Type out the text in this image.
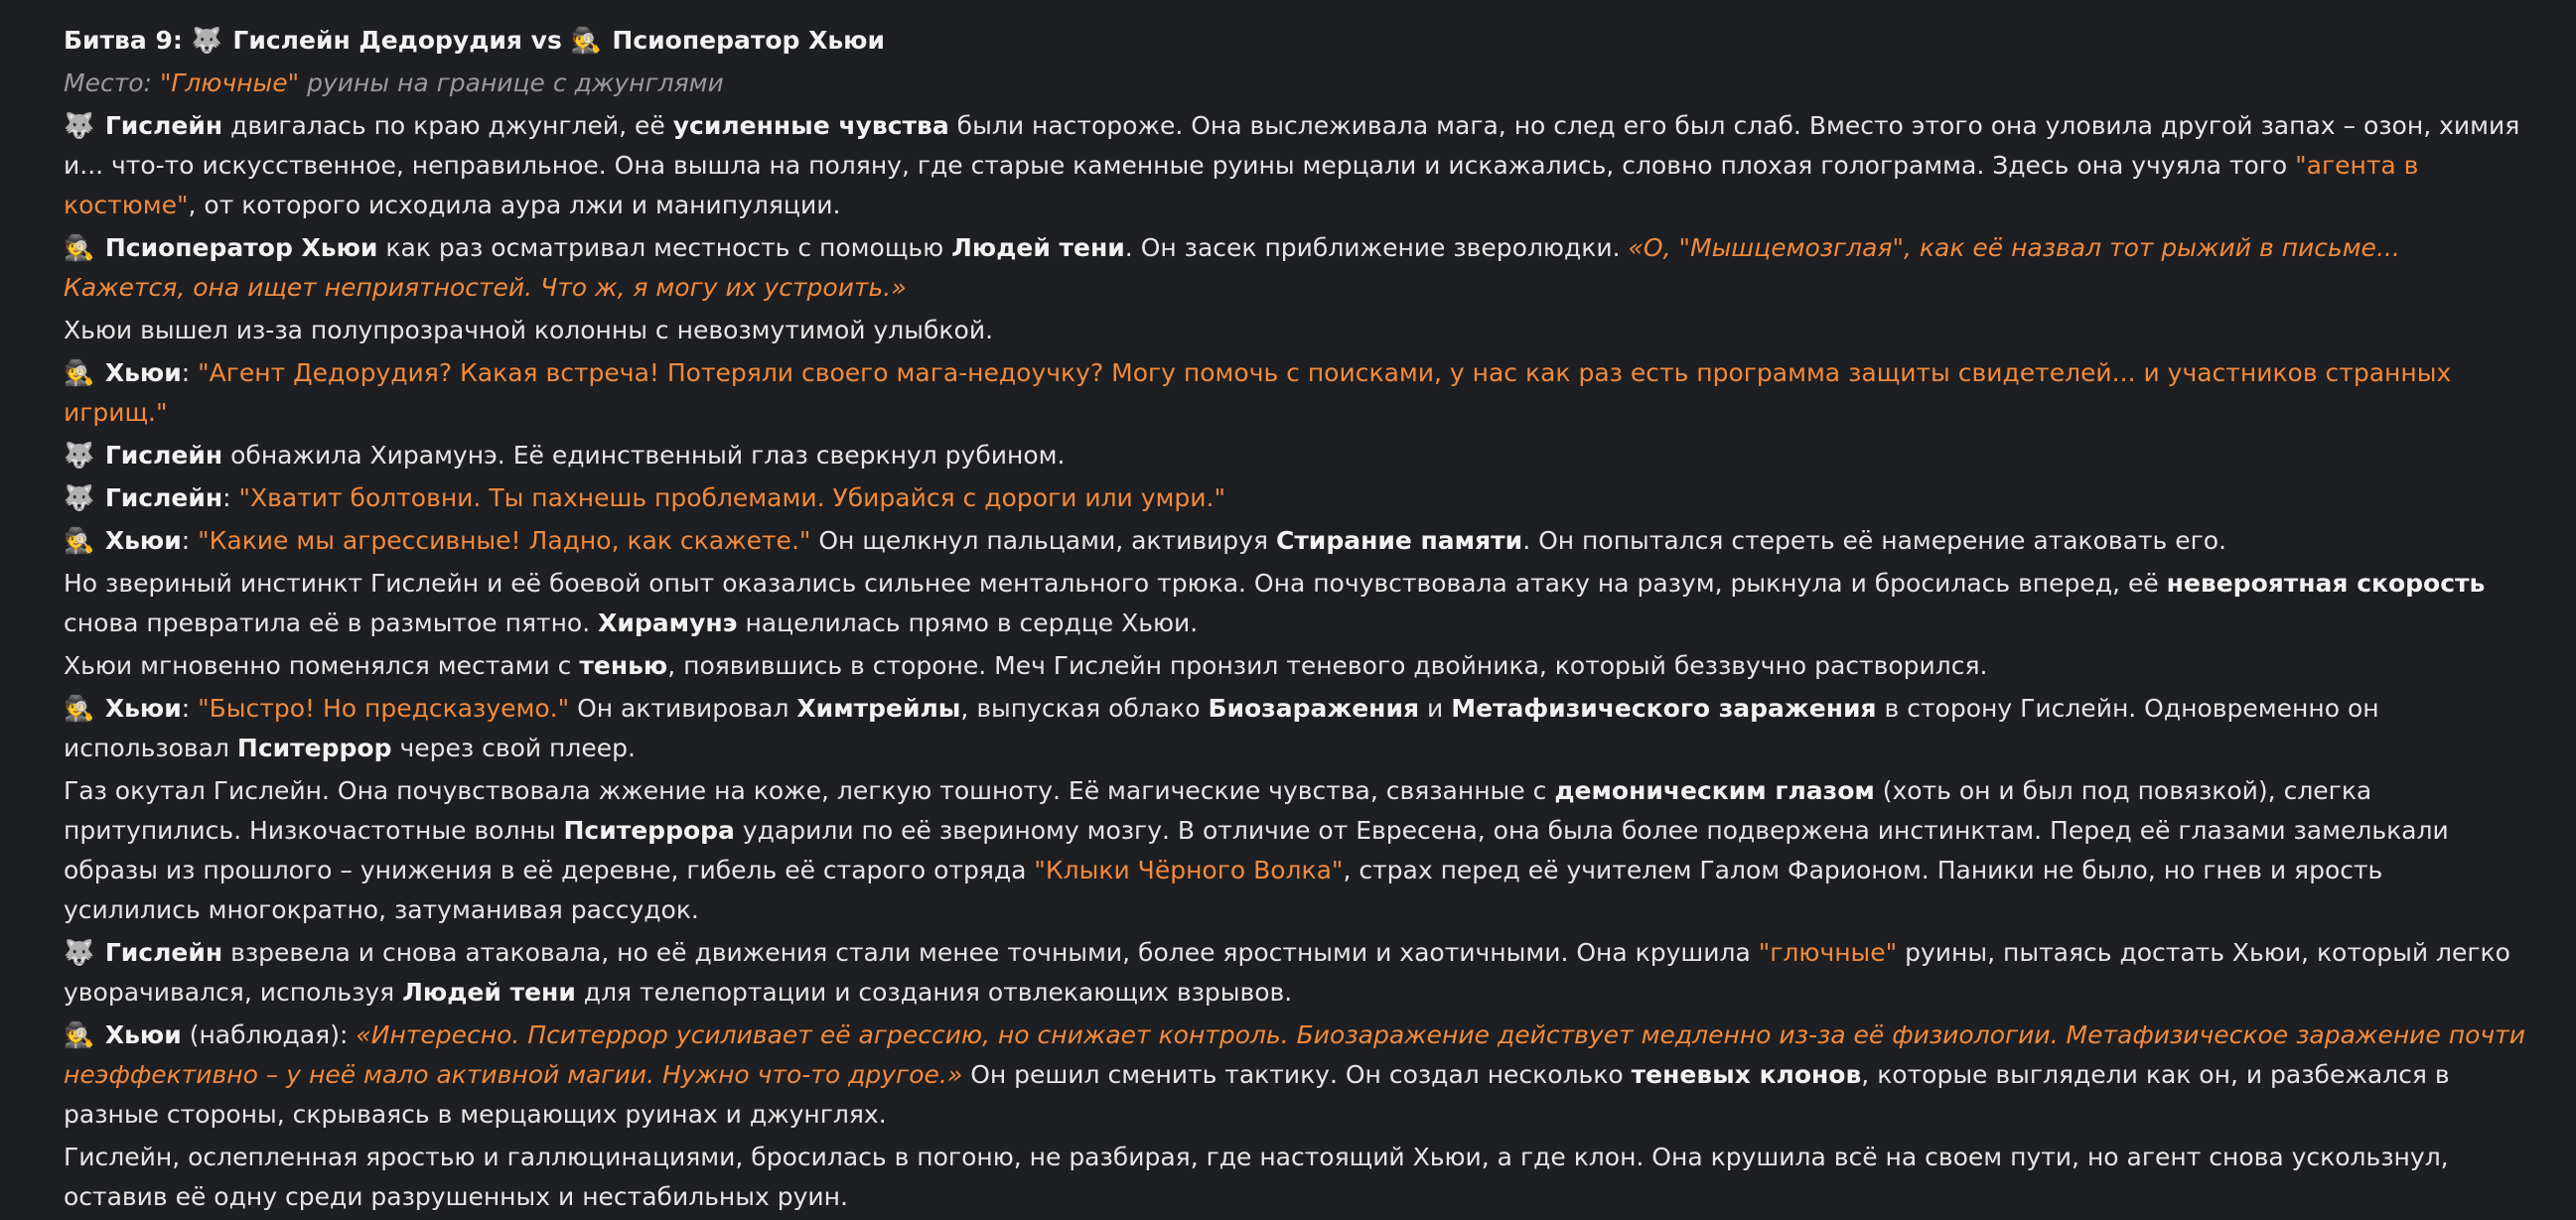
Битва 9: 🐺 Гислейн Дедорудия vs 🕵️ Псиоператор Хьюи
Место: "Глючные" руины на границе с джунглями
🐺 Гислейн двигалась по краю джунглей, её усиленные чувства были настороже. Она выслеживала мага, но след его был слаб. Вместо этого она уловила другой запах – озон, химия и... что-то искусственное, неправильное. Она вышла на поляну, где старые каменные руины мерцали и искажались, словно плохая голограмма. Здесь она учуяла того "агента в костюме", от которого исходила аура лжи и манипуляции.
🕵️ Псиоператор Хьюи как раз осматривал местность с помощью Людей тени. Он засек приближение зверолюдки. «О, "Мышцемозглая", как её назвал тот рыжий в письме... Кажется, она ищет неприятностей. Что ж, я могу их устроить.»
Хьюи вышел из-за полупрозрачной колонны с невозмутимой улыбкой.
🕵️ Хьюи: "Агент Дедорудия? Какая встреча! Потеряли своего мага-недоучку? Могу помочь с поисками, у нас как раз есть программа защиты свидетелей... и участников странных игрищ."
🐺 Гислейн обнажила Хирамунэ. Её единственный глаз сверкнул рубином.
🐺 Гислейн: "Хватит болтовни. Ты пахнешь проблемами. Убирайся с дороги или умри."
🕵️ Хьюи: "Какие мы агрессивные! Ладно, как скажете." Он щелкнул пальцами, активируя Стирание памяти. Он попытался стереть её намерение атаковать его.
Но звериный инстинкт Гислейн и её боевой опыт оказались сильнее ментального трюка. Она почувствовала атаку на разум, рыкнула и бросилась вперед, её невероятная скорость снова превратила её в размытое пятно. Хирамунэ нацелилась прямо в сердце Хьюи.
Хьюи мгновенно поменялся местами с тенью, появившись в стороне. Меч Гислейн пронзил теневого двойника, который беззвучно растворился.
🕵️ Хьюи: "Быстро! Но предсказуемо." Он активировал Химтрейлы, выпуская облако Биозаражения и Метафизического заражения в сторону Гислейн. Одновременно он использовал Пситеррор через свой плеер.
Газ окутал Гислейн. Она почувствовала жжение на коже, легкую тошноту. Её магические чувства, связанные с демоническим глазом (хоть он и был под повязкой), слегка притупились. Низкочастотные волны Пситеррора ударили по её звериному мозгу. В отличие от Евресена, она была более подвержена инстинктам. Перед её глазами замелькали образы из прошлого – унижения в её деревне, гибель её старого отряда "Клыки Чёрного Волка", страх перед её учителем Галом Фарионом. Паники не было, но гнев и ярость усилились многократно, затуманивая рассудок.
🐺 Гислейн взревела и снова атаковала, но её движения стали менее точными, более яростными и хаотичными. Она крушила "глючные" руины, пытаясь достать Хьюи, который легко уворачивался, используя Людей тени для телепортации и создания отвлекающих взрывов.
🕵️ Хьюи (наблюдая): «Интересно. Пситеррор усиливает её агрессию, но снижает контроль. Биозаражение действует медленно из-за её физиологии. Метафизическое заражение почти неэффективно – у неё мало активной магии. Нужно что-то другое.» Он решил сменить тактику. Он создал несколько теневых клонов, которые выглядели как он, и разбежался в разные стороны, скрываясь в мерцающих руинах и джунглях.
Гислейн, ослепленная яростью и галлюцинациями, бросилась в погоню, не разбирая, где настоящий Хьюи, а где клон. Она крушила всё на своем пути, но агент снова ускользнул, оставив её одну среди разрушенных и нестабильных руин.
